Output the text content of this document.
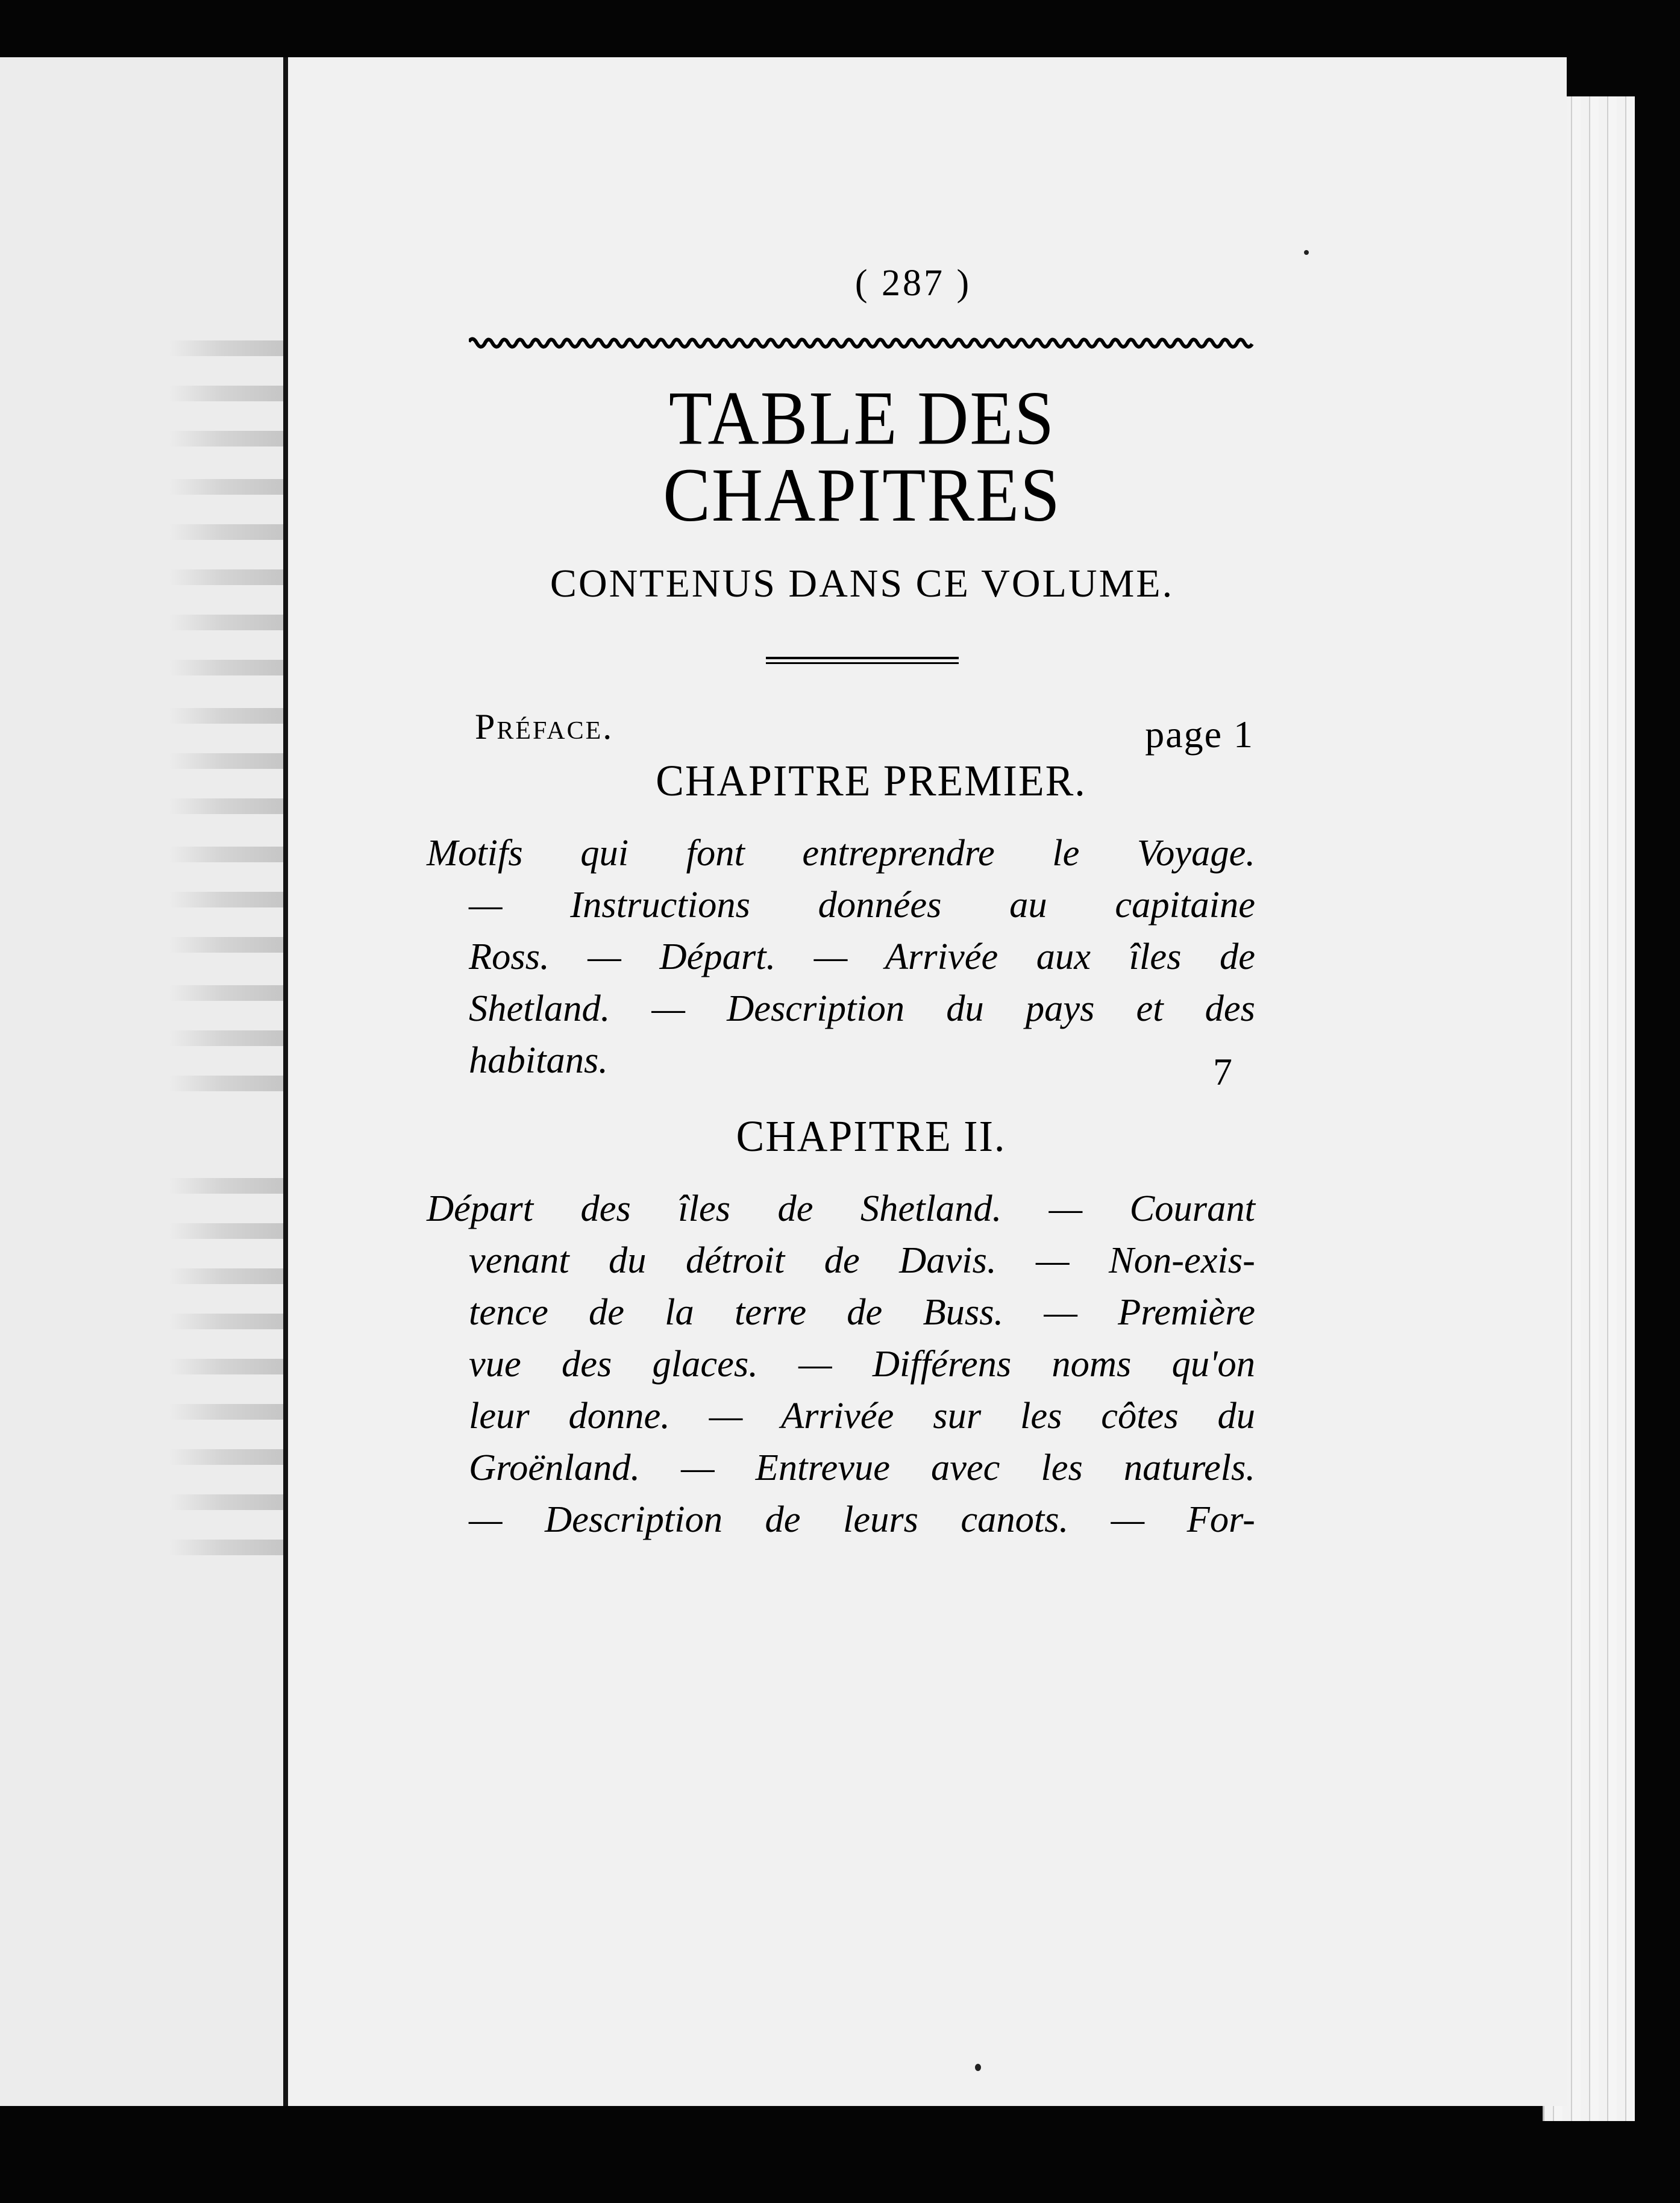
( 287 )
TABLE DES CHAPITRES
CONTENUS DANS CE VOLUME.
Préface.	page 1
CHAPITRE PREMIER.
Motifs qui font entreprendre le Voyage.
— Instructions données au capitaine
Ross. — Départ. — Arrivée aux îles de
Shetland. — Description du pays et des
habitans.	7
CHAPITRE II.
Départ des îles de Shetland. — Courant
venant du détroit de Davis. — Non-exis-
tence de la terre de Buss. — Première
vue des glaces. — Différens noms qu'on
leur donne. — Arrivée sur les côtes du
Groënland. — Entrevue avec les naturels.
— Description de leurs canots. — For-
